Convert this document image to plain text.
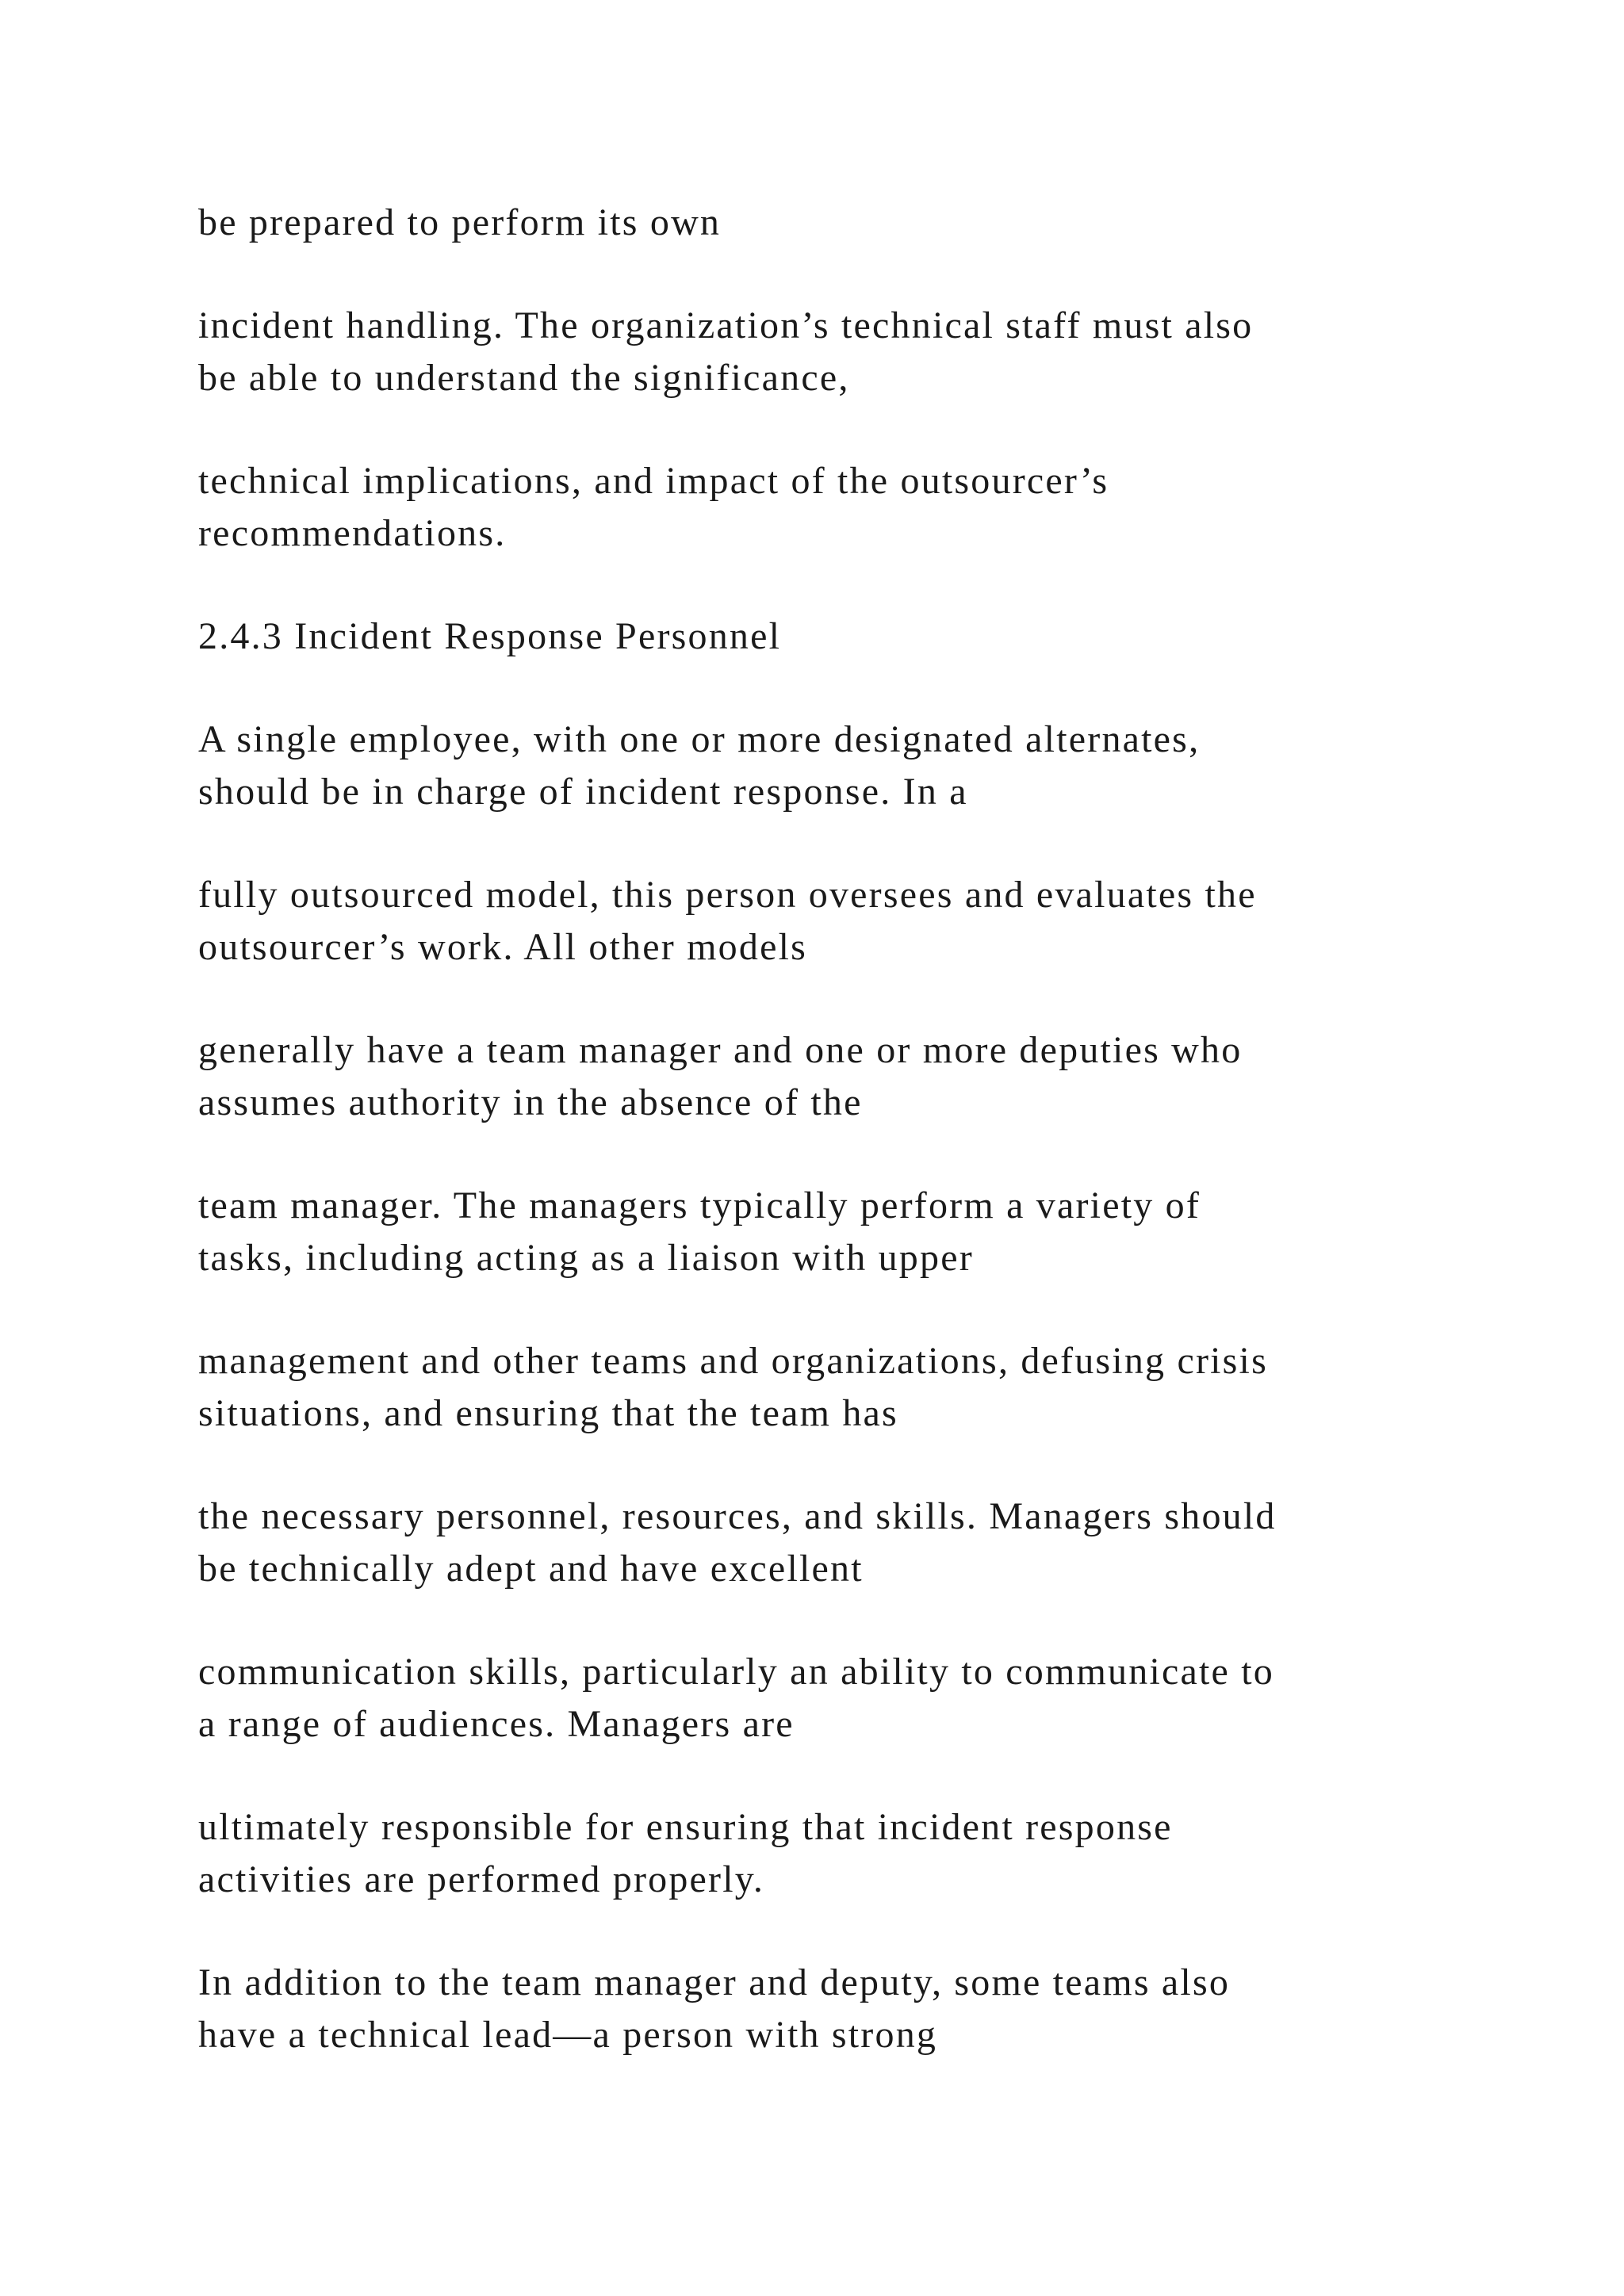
be prepared to perform its own

incident handling. The organization’s technical staff must also
be able to understand the significance,

technical implications, and impact of the outsourcer’s
recommendations.

2.4.3 Incident Response Personnel

A single employee, with one or more designated alternates,
should be in charge of incident response. In a

fully outsourced model, this person oversees and evaluates the
outsourcer’s work. All other models

generally have a team manager and one or more deputies who
assumes authority in the absence of the

team manager. The managers typically perform a variety of
tasks, including acting as a liaison with upper

management and other teams and organizations, defusing crisis
situations, and ensuring that the team has

the necessary personnel, resources, and skills. Managers should
be technically adept and have excellent

communication skills, particularly an ability to communicate to
a range of audiences. Managers are

ultimately responsible for ensuring that incident response
activities are performed properly.

In addition to the team manager and deputy, some teams also
have a technical lead—a person with strong
